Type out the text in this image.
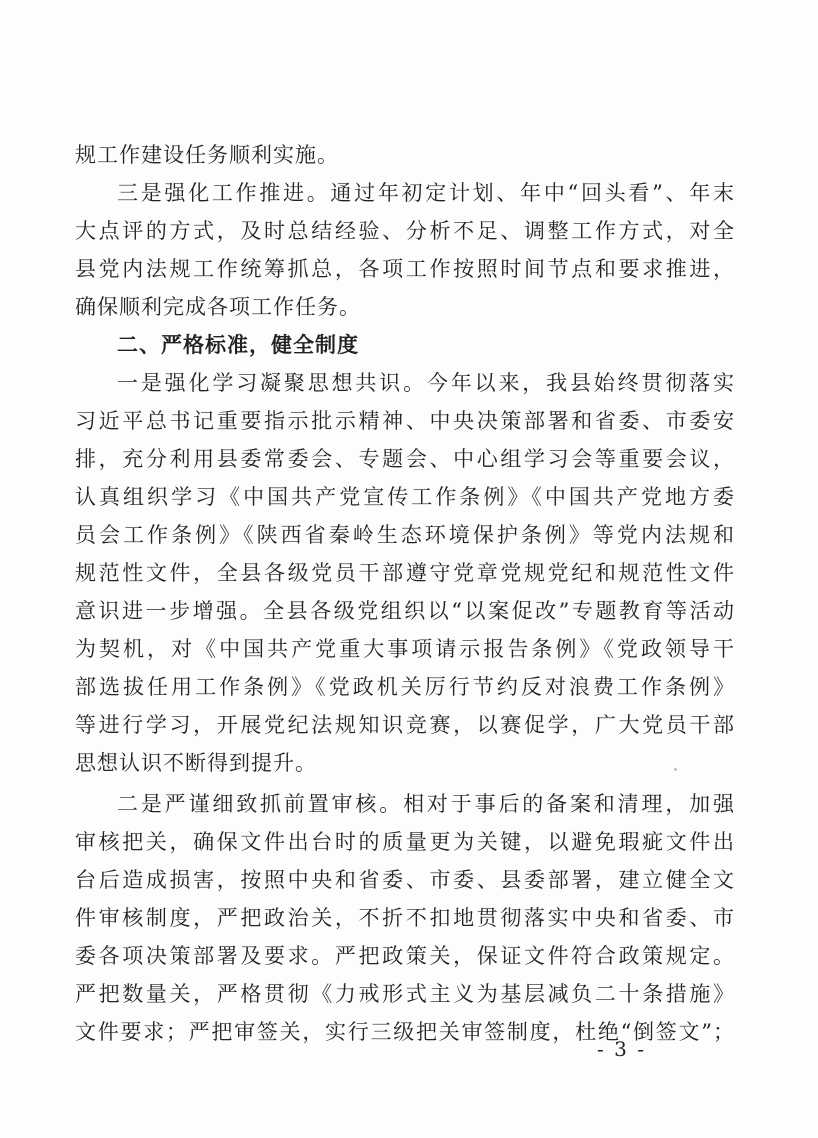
规工作建设任务顺利实施。
三是强化工作推进。通过年初定计划、年中“回头看”、年末
大点评的方式，及时总结经验、分析不足、调整工作方式，对全
县党内法规工作统筹抓总，各项工作按照时间节点和要求推进，
确保顺利完成各项工作任务。
二、严格标准，健全制度
一是强化学习凝聚思想共识。今年以来，我县始终贯彻落实
习近平总书记重要指示批示精神、中央决策部署和省委、市委安
排，充分利用县委常委会、专题会、中心组学习会等重要会议，
认真组织学习《中国共产党宣传工作条例》《中国共产党地方委
员会工作条例》《陕西省秦岭生态环境保护条例》等党内法规和
规范性文件，全县各级党员干部遵守党章党规党纪和规范性文件
意识进一步增强。全县各级党组织以“以案促改”专题教育等活动
为契机，对《中国共产党重大事项请示报告条例》《党政领导干
部选拔任用工作条例》《党政机关厉行节约反对浪费工作条例》
等进行学习，开展党纪法规知识竞赛，以赛促学，广大党员干部
思想认识不断得到提升。
二是严谨细致抓前置审核。相对于事后的备案和清理，加强
审核把关，确保文件出台时的质量更为关键，以避免瑕疵文件出
台后造成损害，按照中央和省委、市委、县委部署，建立健全文
件审核制度，严把政治关，不折不扣地贯彻落实中央和省委、市
委各项决策部署及要求。严把政策关，保证文件符合政策规定。
严把数量关，严格贯彻《力戒形式主义为基层减负二十条措施》
文件要求；严把审签关，实行三级把关审签制度，杜绝“倒签文”；
- 3 -
